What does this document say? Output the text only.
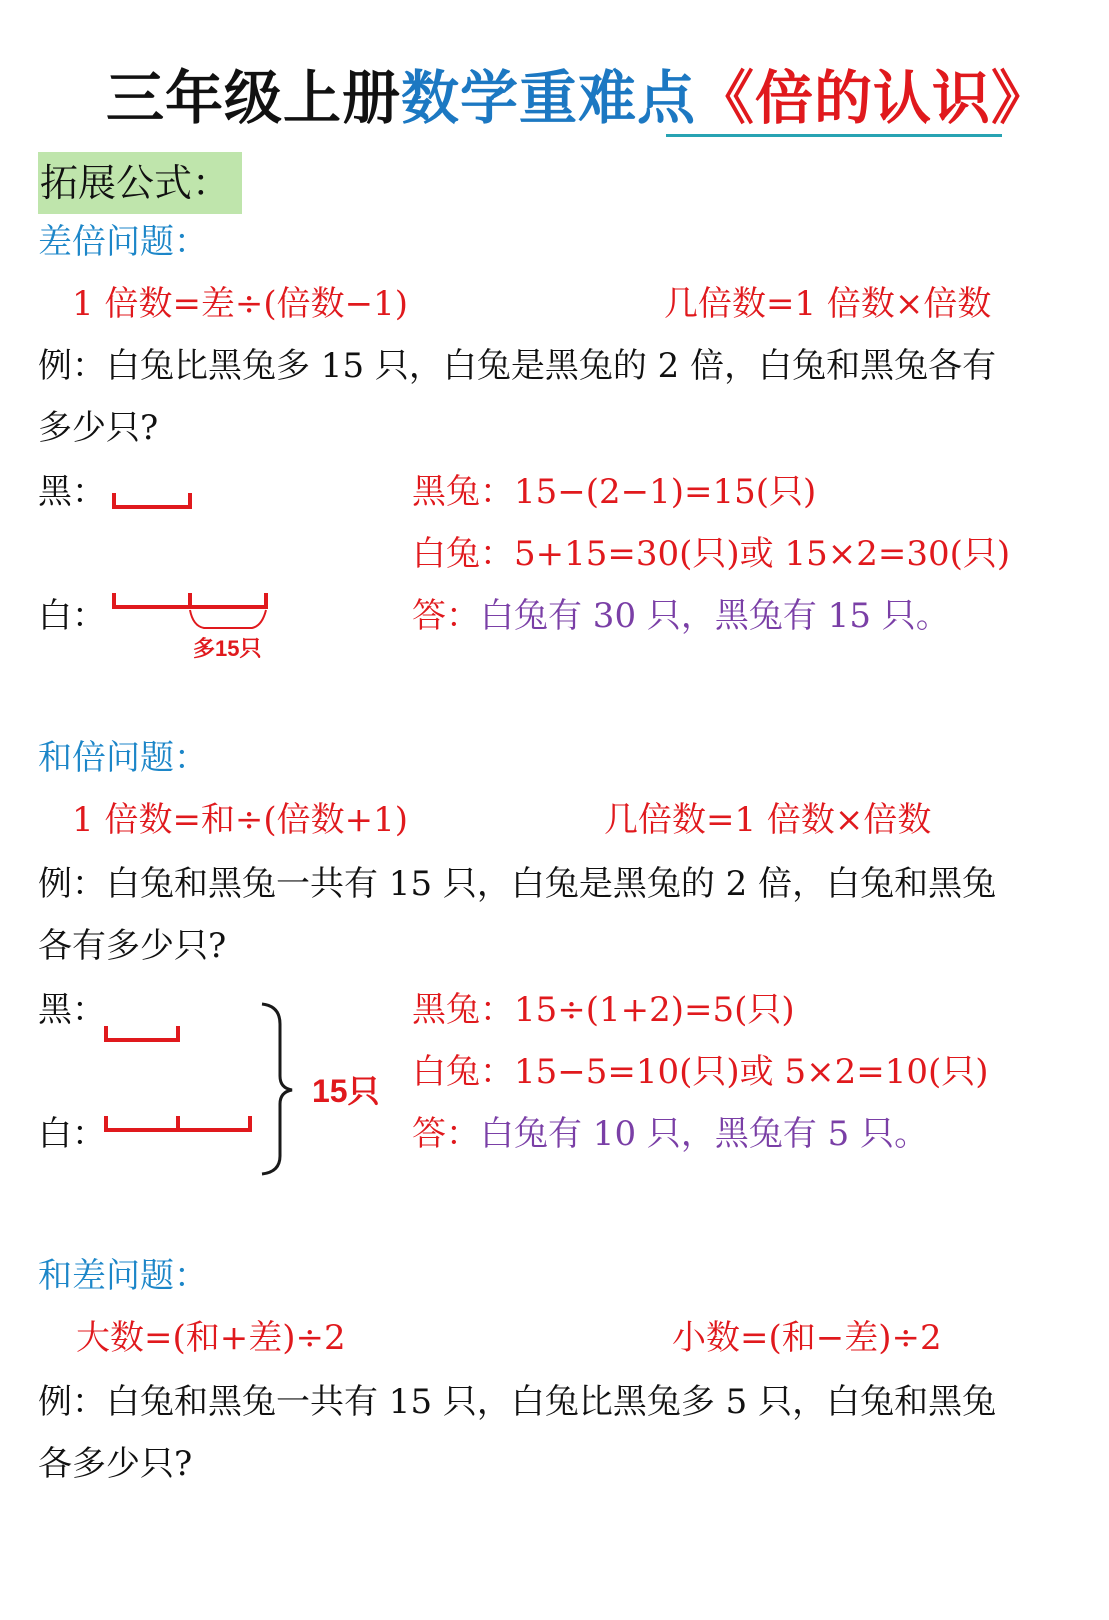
三年级上册数学重难点《倍的认识》
拓展公式：
差倍问题：
1 倍数=差÷(倍数−1)	几倍数=1 倍数×倍数
例：白兔比黑兔多 15 只，白兔是黑兔的 2 倍，白兔和黑兔各有
多少只?
黑：
白：
多15只
黑兔：15−(2−1)=15(只)
白兔：5+15=30(只)或 15×2=30(只)
答：白兔有 30 只，黑兔有 15 只。
和倍问题：
1 倍数=和÷(倍数+1)	几倍数=1 倍数×倍数
例：白兔和黑兔一共有 15 只，白兔是黑兔的 2 倍，白兔和黑兔
各有多少只?
黑：
白：
15只
黑兔：15÷(1+2)=5(只)
白兔：15−5=10(只)或 5×2=10(只)
答：白兔有 10 只，黑兔有 5 只。
和差问题：
大数=(和+差)÷2	小数=(和−差)÷2
例：白兔和黑兔一共有 15 只，白兔比黑兔多 5 只，白兔和黑兔
各多少只?
